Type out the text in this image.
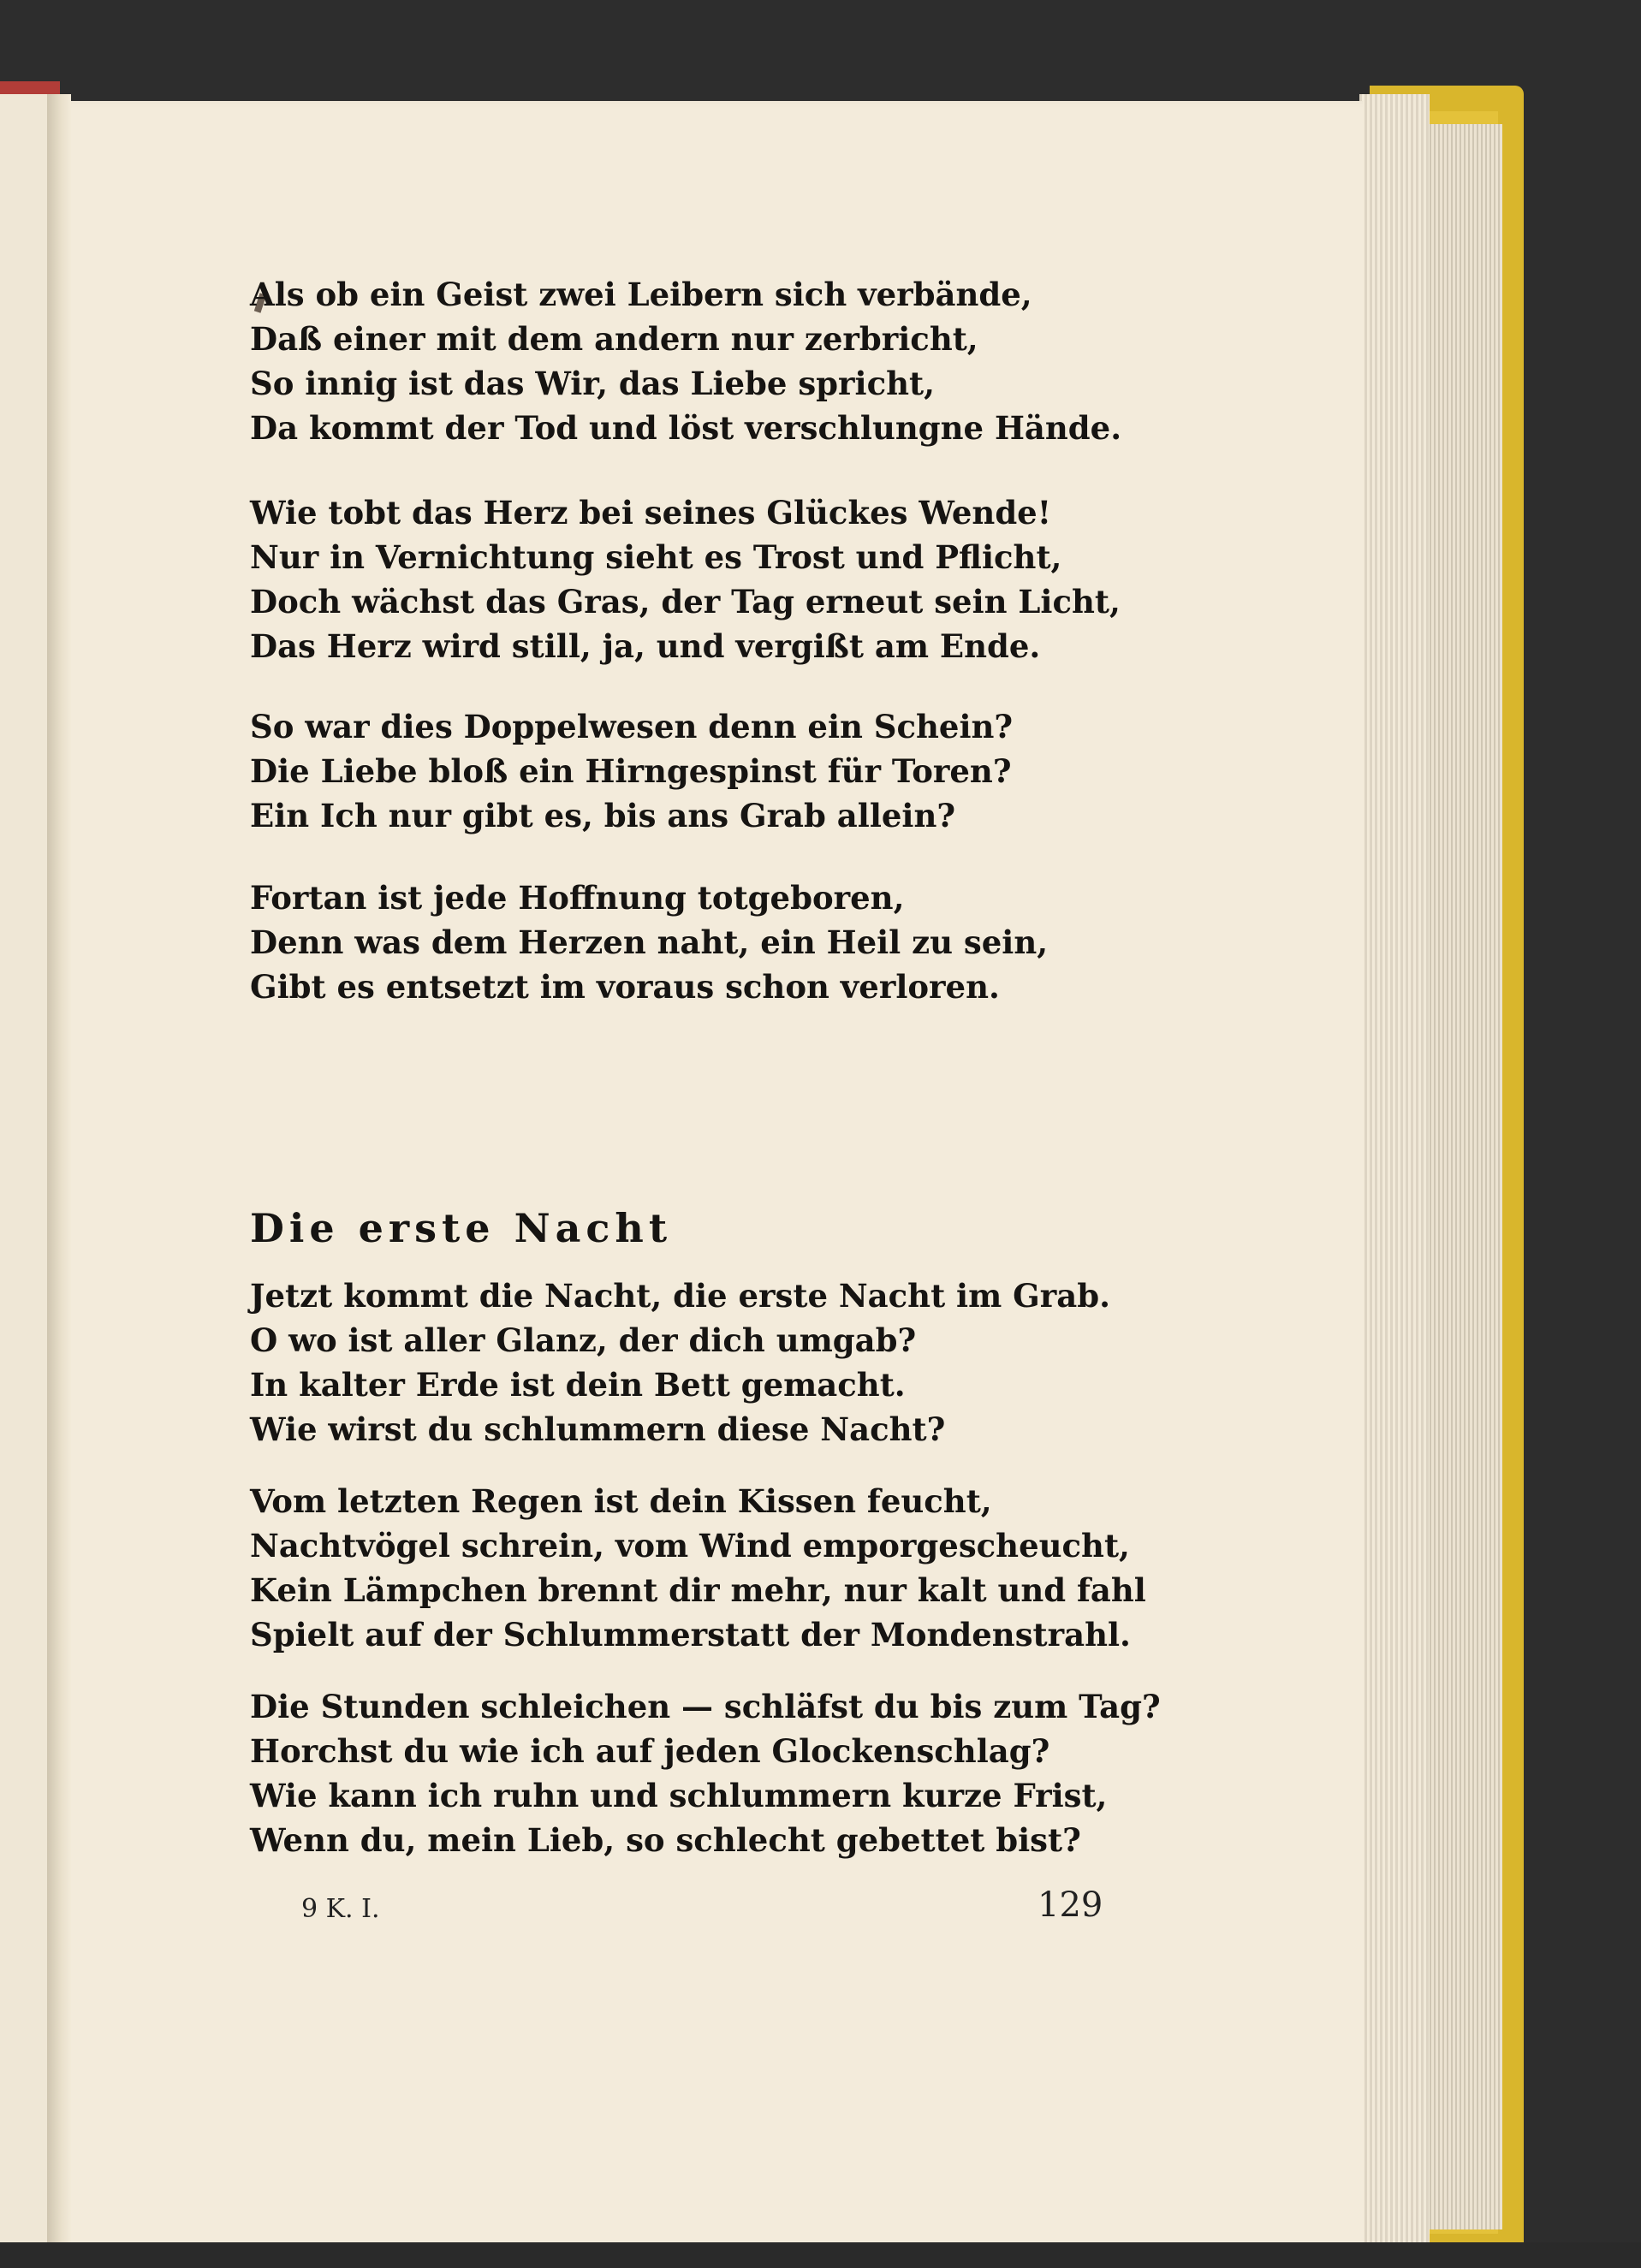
Als ob ein Geist zwei Leibern sich verbände,
Daß einer mit dem andern nur zerbricht,
So innig ist das Wir, das Liebe spricht,
Da kommt der Tod und löst verschlungne Hände.
Wie tobt das Herz bei seines Glückes Wende!
Nur in Vernichtung sieht es Trost und Pflicht,
Doch wächst das Gras, der Tag erneut sein Licht,
Das Herz wird still, ja, und vergißt am Ende.
So war dies Doppelwesen denn ein Schein?
Die Liebe bloß ein Hirngespinst für Toren?
Ein Ich nur gibt es, bis ans Grab allein?
Fortan ist jede Hoffnung totgeboren,
Denn was dem Herzen naht, ein Heil zu sein,
Gibt es entsetzt im voraus schon verloren.
Die erste Nacht
Jetzt kommt die Nacht, die erste Nacht im Grab.
O wo ist aller Glanz, der dich umgab?
In kalter Erde ist dein Bett gemacht.
Wie wirst du schlummern diese Nacht?
Vom letzten Regen ist dein Kissen feucht,
Nachtvögel schrein, vom Wind emporgescheucht,
Kein Lämpchen brennt dir mehr, nur kalt und fahl
Spielt auf der Schlummerstatt der Mondenstrahl.
Die Stunden schleichen — schläfst du bis zum Tag?
Horchst du wie ich auf jeden Glockenschlag?
Wie kann ich ruhn und schlummern kurze Frist,
Wenn du, mein Lieb, so schlecht gebettet bist?
9 K. I.	129
